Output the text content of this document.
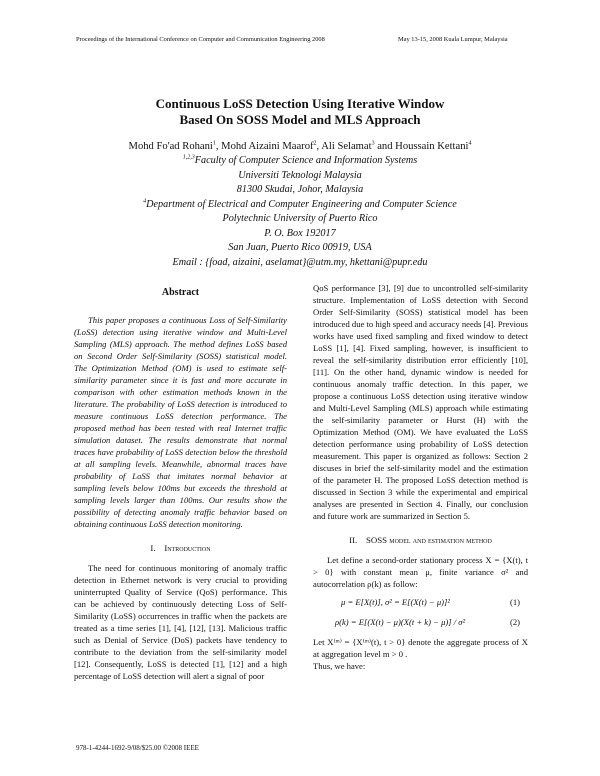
Proceedings of the International Conference on Computer and Communication Engineering 2008	May 13-15, 2008 Kuala Lumpur, Malaysia
Continuous LoSS Detection Using Iterative Window
Based On SOSS Model and MLS Approach
Mohd Fo'ad Rohani$^1$, Mohd Aizaini Maarof$^2$, Ali Selamat$^3$ and Houssain Kettani$^4$
$^{1,2,3}$Faculty of Computer Science and Information Systems
Universiti Teknologi Malaysia
81300 Skudai, Johor, Malaysia
$^4$Department of Electrical and Computer Engineering and Computer Science
Polytechnic University of Puerto Rico
P. O. Box 192017
San Juan, Puerto Rico 00919, USA
Email : {foad, aizaini, aselamat}@utm.my, hkettani@pupr.edu
Abstract

This paper proposes a continuous Loss of Self-Similarity (LoSS) detection using iterative window and Multi-Level Sampling (MLS) approach. The method defines LoSS based on Second Order Self-Similarity (SOSS) statistical model. The Optimization Method (OM) is used to estimate self-similarity parameter since it is fast and more accurate in comparison with other estimation methods known in the literature. The probability of LoSS detection is introduced to measure continuous LoSS detection performance. The proposed method has been tested with real Internet traffic simulation dataset. The results demonstrate that normal traces have probability of LoSS detection below the threshold at all sampling levels. Meanwhile, abnormal traces have probability of LoSS that imitates normal behavior at sampling levels below 100ms but exceeds the threshold at sampling levels larger than 100ms. Our results show the possibility of detecting anomaly traffic behavior based on obtaining continuous LoSS detection monitoring.

I. Introduction

The need for continuous monitoring of anomaly traffic detection in Ethernet network is very crucial to providing uninterrupted Quality of Service (QoS) performance. This can be achieved by continuously detecting Loss of Self-Similarity (LoSS) occurrences in traffic when the packets are treated as a time series [1], [4], [12], [13]. Malicious traffic such as Denial of Service (DoS) packets have tendency to contribute to the deviation from the self-similarity model [12]. Consequently, LoSS is detected [1], [12] and a high percentage of LoSS detection will alert a signal of poor

QoS performance [3], [9] due to uncontrolled self-similarity structure. Implementation of LoSS detection with Second Order Self-Similarity (SOSS) statistical model has been introduced due to high speed and accuracy needs [4]. Previous works have used fixed sampling and fixed window to detect LoSS [1], [4]. Fixed sampling, however, is insufficient to reveal the self-similarity distribution error efficiently [10], [11]. On the other hand, dynamic window is needed for continuous anomaly traffic detection. In this paper, we propose a continuous LoSS detection using iterative window and Multi-Level Sampling (MLS) approach while estimating the self-similarity parameter or Hurst (H) with the Optimization Method (OM). We have evaluated the LoSS detection performance using probability of LoSS detection measurement. This paper is organized as follows: Section 2 discuses in brief the self-similarity model and the estimation of the parameter H. The proposed LoSS detection method is discussed in Section 3 while the experimental and empirical analyses are presented in Section 4. Finally, our conclusion and future work are summarized in Section 5.

II. SOSS model and estimation method

Let define a second-order stationary process X = {X(t), t > 0} with constant mean μ, finite variance σ² and autocorrelation ρ(k) as follow:

μ = E[X(t)], σ² = E[(X(t) − μ)]²	(1)
ρ(k) = E[(X(t) − μ)(X(t + k) − μ)] / σ²	(2)

Let X⁽ᵐ⁾ = {X⁽ᵐ⁾(t), t > 0} denote the aggregate process of X at aggregation level m > 0 .

Thus, we have:

978-1-4244-1692-9/08/$25.00 ©2008 IEEE
